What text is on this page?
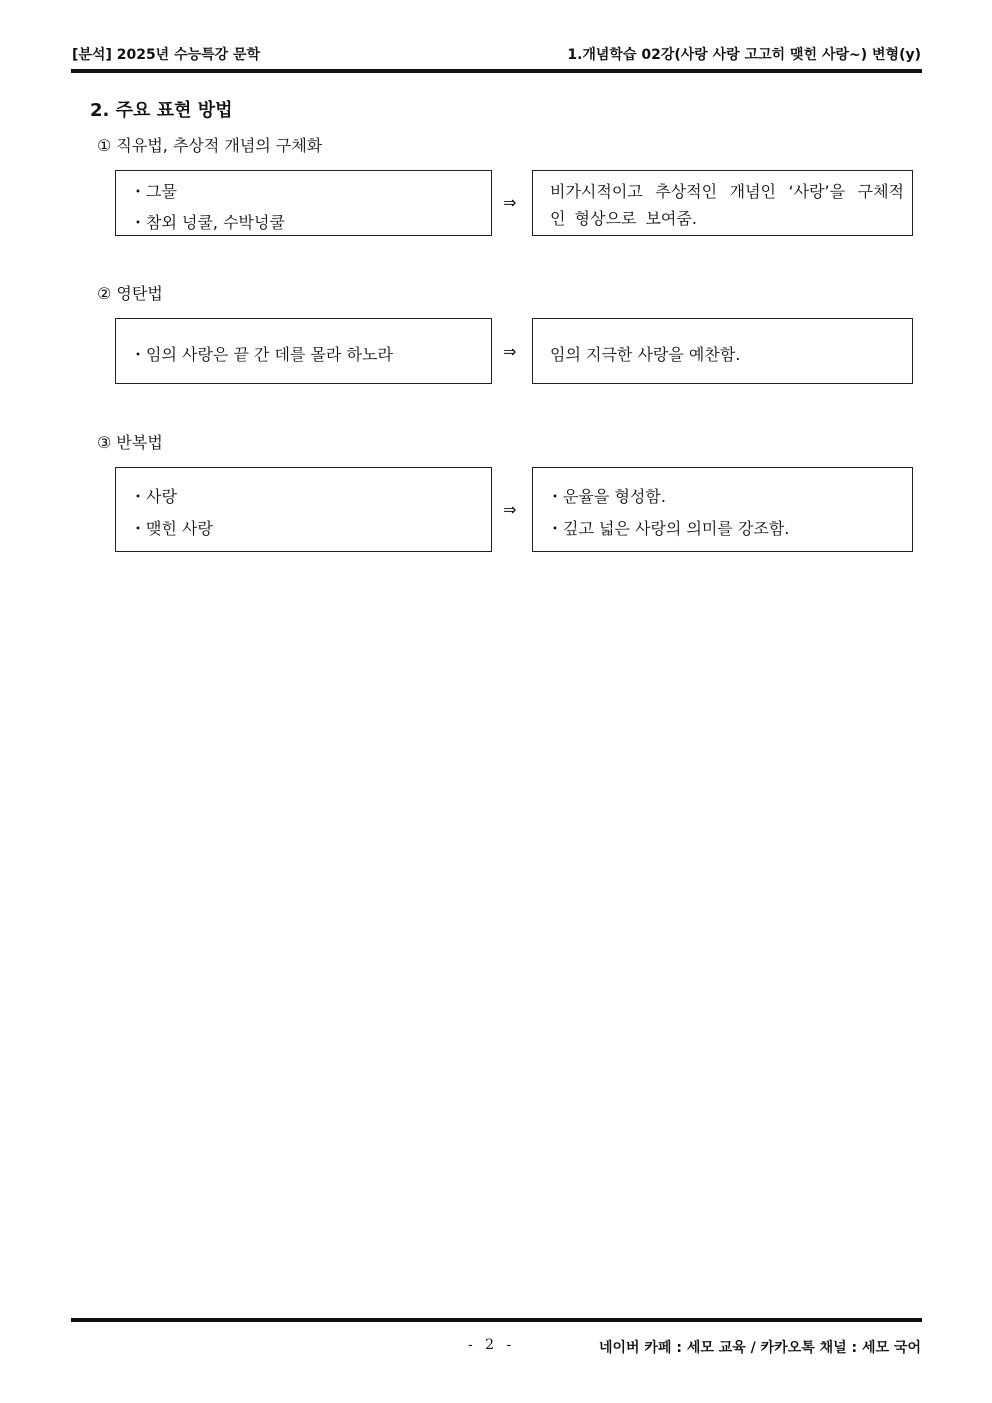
[분석] 2025년 수능특강 문학	1.개념학습 02강(사랑 사랑 고고히 맺힌 사랑~) 변형(y)
2. 주요 표현 방법
① 직유법, 추상적 개념의 구체화
・그물
・참외 넝쿨, 수박넝쿨
⇒
비가시적이고 추상적인 개념인 ‘사랑’을 구체적인 형상으로 보여줌.
② 영탄법
・임의 사랑은 끝 간 데를 몰라 하노라	⇒ 임의 지극한 사랑을 예찬함.
③ 반복법
・사랑
・맺힌 사랑
⇒
・운율을 형성함.
・깊고 넓은 사랑의 의미를 강조함.
- 2 -	네이버 카페 : 세모 교육 / 카카오톡 채널 : 세모 국어
